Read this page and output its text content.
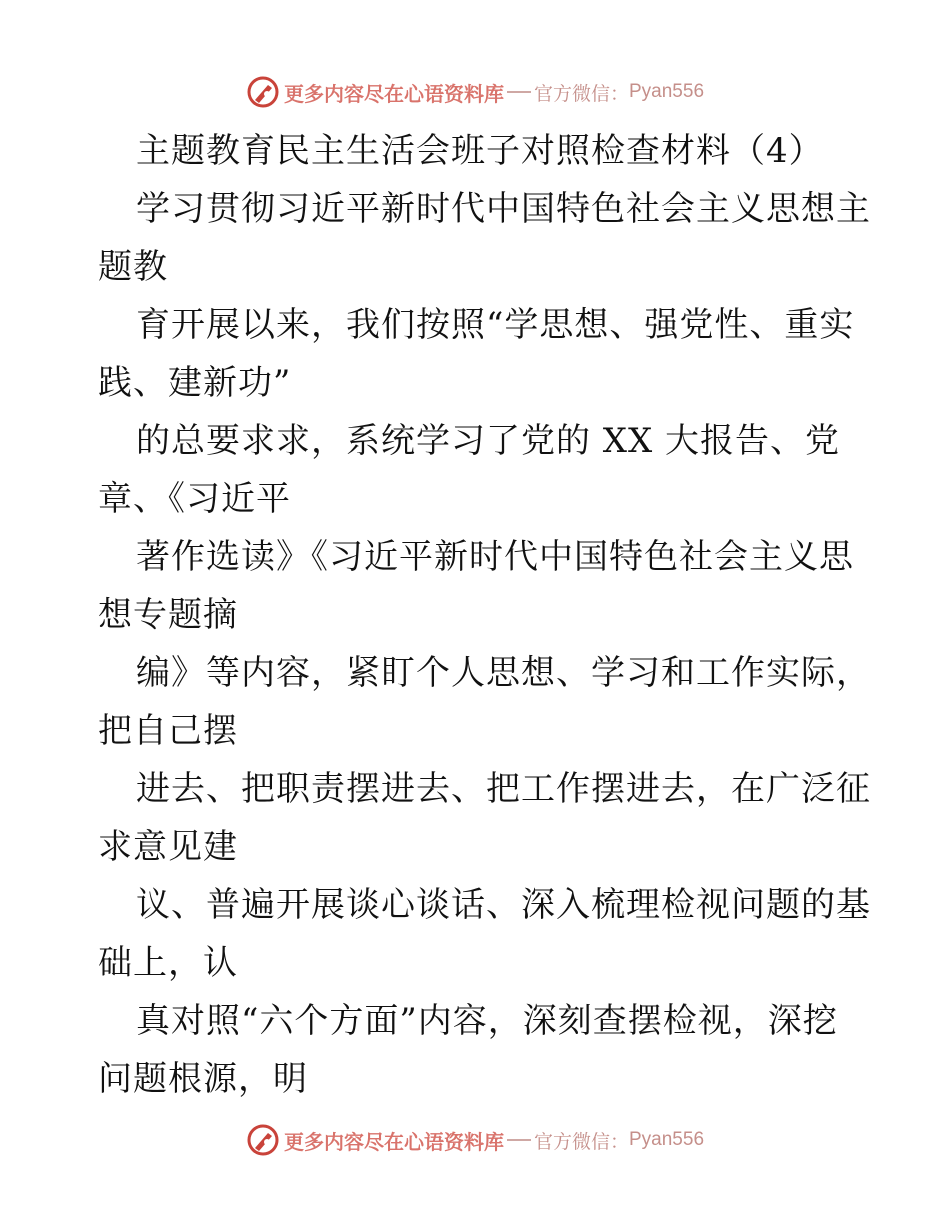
更多内容尽在心语资料库 官方微信： Pyan556
主题教育民主生活会班子对照检查材料（4）
学习贯彻习近平新时代中国特色社会主义思想主
题教
育开展以来，我们按照“学思想、强党性、重实
践、建新功”
的总要求求，系统学习了党的 XX 大报告、党
章、《习近平
著作选读》《习近平新时代中国特色社会主义思
想专题摘
编》等内容，紧盯个人思想、学习和工作实际，
把自己摆
进去、把职责摆进去、把工作摆进去，在广泛征
求意见建
议、普遍开展谈心谈话、深入梳理检视问题的基
础上，认
真对照“六个方面”内容，深刻查摆检视，深挖
问题根源，明
更多内容尽在心语资料库 官方微信： Pyan556
